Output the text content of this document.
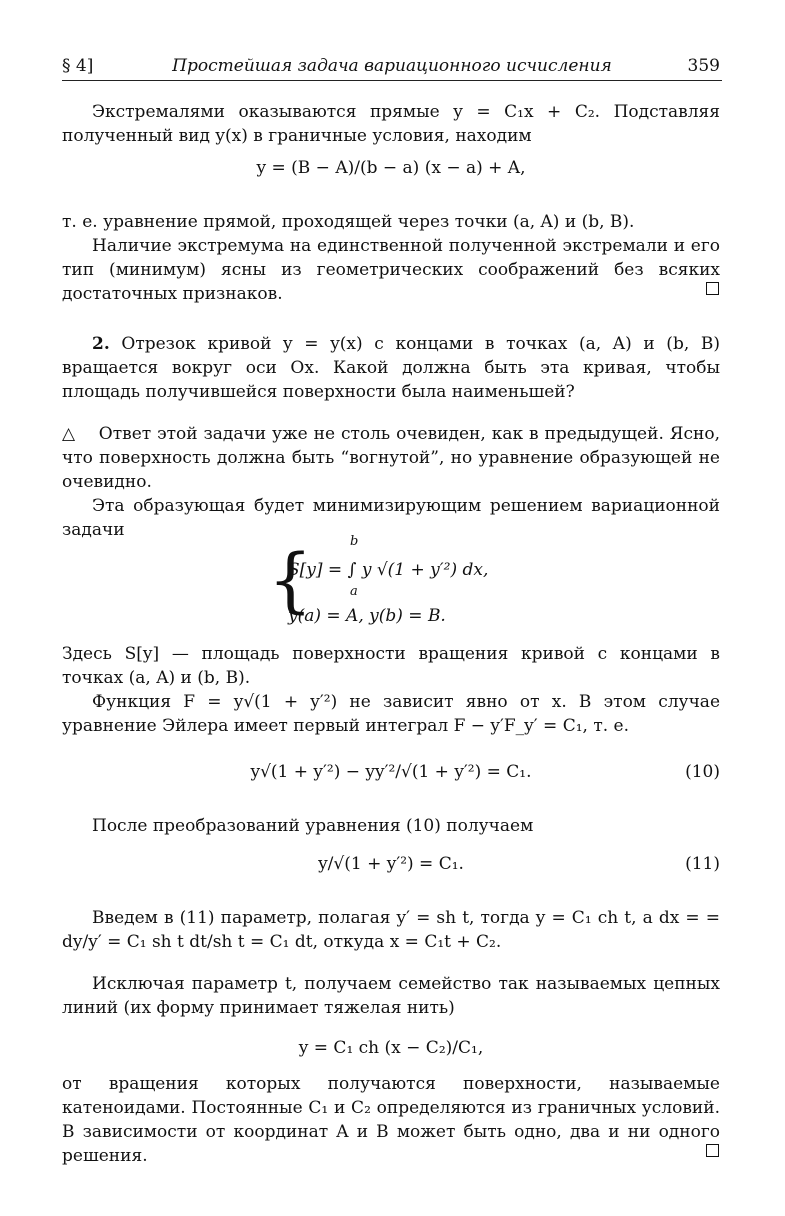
§ 4]	Простейшая задача вариационного исчисления	359

Экстремалями оказываются прямые y = C₁x + C₂. Подставляя полученный вид y(x) в граничные условия, находим

y = (B − A)/(b − a) (x − a) + A,

т. е. уравнение прямой, проходящей через точки (a, A) и (b, B).

Наличие экстремума на единственной полученной экстремали и его тип (минимум) ясны из геометрических соображений без всяких достаточных признаков.

2. Отрезок кривой y = y(x) с концами в точках (a, A) и (b, B) вращается вокруг оси Ox. Какой должна быть эта кривая, чтобы площадь получившейся поверхности была наименьшей?
△ Ответ этой задачи уже не столь очевиден, как в предыдущей. Ясно, что поверхность должна быть “вогнутой”, но уравнение образующей не очевидно.

Эта образующая будет минимизирующим решением вариационной задачи

{	b
S[y] = ∫ y √(1 + y′²) dx,
a
y(a) = A, y(b) = B.

Здесь S[y] — площадь поверхности вращения кривой с концами в точках (a, A) и (b, B).

Функция F = y√(1 + y′²) не зависит явно от x. В этом случае уравнение Эйлера имеет первый интеграл F − y′F_y′ = C₁, т. е.

y√(1 + y′²) − yy′²/√(1 + y′²) = C₁.	(10)

После преобразований уравнения (10) получаем

y/√(1 + y′²) = C₁.	(11)

Введем в (11) параметр, полагая y′ = sh t, тогда y = C₁ ch t, а dx = = dy/y′ = C₁ sh t dt/sh t = C₁ dt, откуда x = C₁t + C₂.

Исключая параметр t, получаем семейство так называемых цепных линий (их форму принимает тяжелая нить)

y = C₁ ch (x − C₂)/C₁,

от вращения которых получаются поверхности, называемые катеноидами. Постоянные C₁ и C₂ определяются из граничных условий. В зависимости от координат A и B может быть одно, два и ни одного решения.
